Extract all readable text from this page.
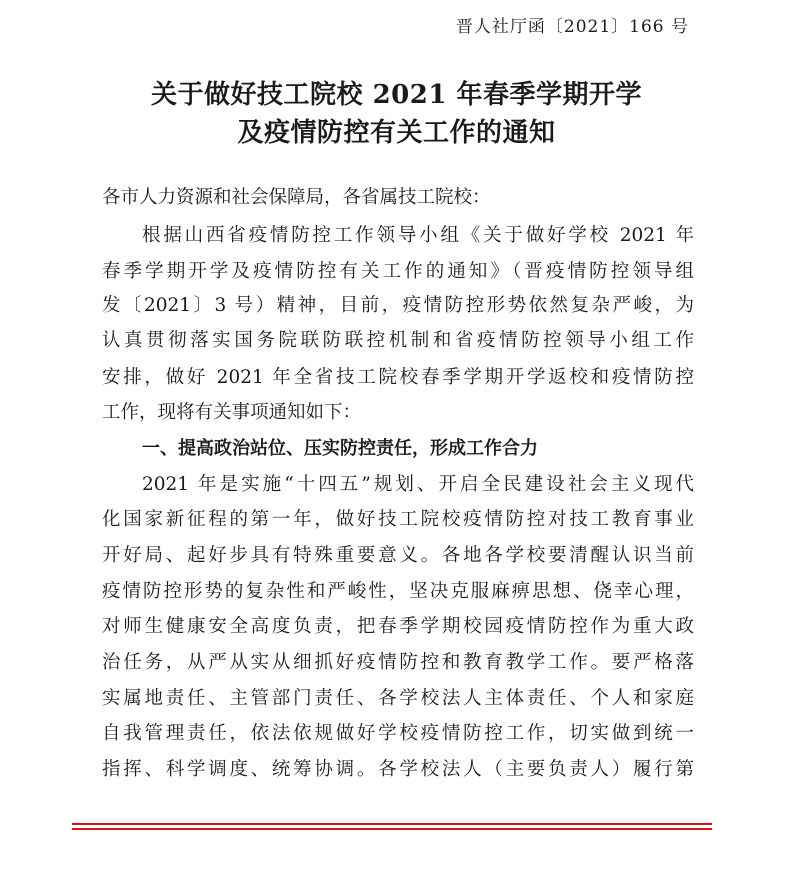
晋人社厅函〔2021〕166 号
关于做好技工院校 2021 年春季学期开学
及疫情防控有关工作的通知
各市人力资源和社会保障局，各省属技工院校：
根据山西省疫情防控工作领导小组《关于做好学校 2021 年
春季学期开学及疫情防控有关工作的通知》（晋疫情防控领导组
发〔2021〕3 号）精神，目前，疫情防控形势依然复杂严峻，为
认真贯彻落实国务院联防联控机制和省疫情防控领导小组工作
安排，做好 2021 年全省技工院校春季学期开学返校和疫情防控
工作，现将有关事项通知如下：
一、提高政治站位、压实防控责任，形成工作合力
2021 年是实施“十四五”规划、开启全民建设社会主义现代
化国家新征程的第一年，做好技工院校疫情防控对技工教育事业
开好局、起好步具有特殊重要意义。各地各学校要清醒认识当前
疫情防控形势的复杂性和严峻性，坚决克服麻痹思想、侥幸心理，
对师生健康安全高度负责，把春季学期校园疫情防控作为重大政
治任务，从严从实从细抓好疫情防控和教育教学工作。要严格落
实属地责任、主管部门责任、各学校法人主体责任、个人和家庭
自我管理责任，依法依规做好学校疫情防控工作，切实做到统一
指挥、科学调度、统筹协调。各学校法人（主要负责人）履行第
